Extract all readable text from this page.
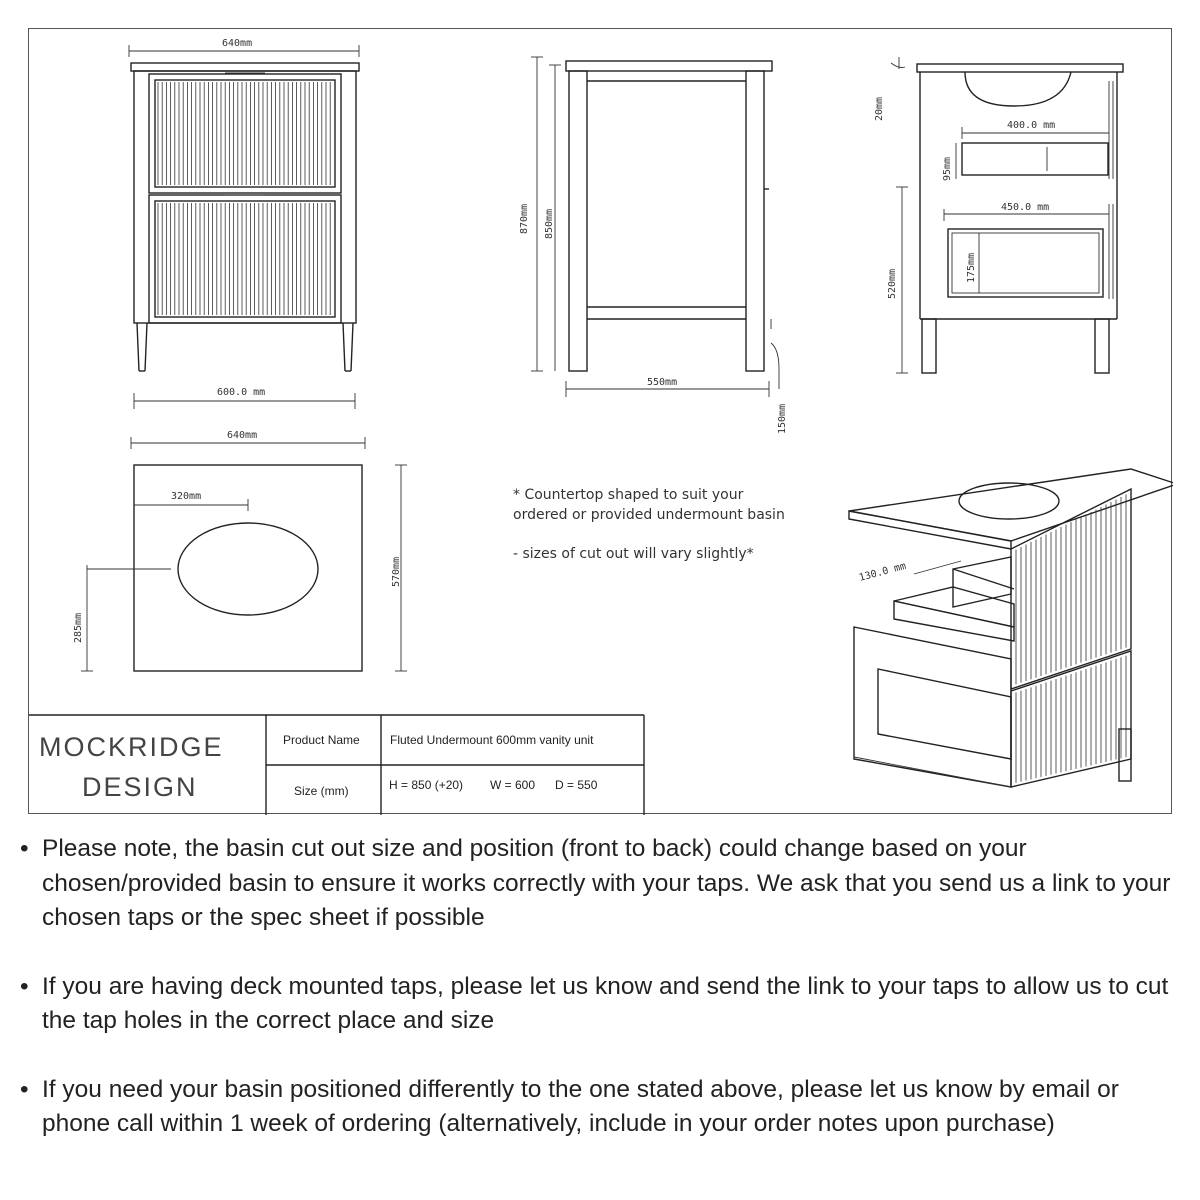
640mm
600.0 mm
870mm 850mm
550mm
150mm
20mm
400.0 mm
95mm
450.0 mm
175mm
520mm
640mm
320mm
570mm
285mm
* Countertop shaped to suit your
ordered or provided undermount basin
- sizes of cut out will vary slightly*
130.0 mm
MOCKRIDGE
DESIGN
Product Name	Fluted Undermount 600mm vanity unit
Size (mm)	H = 850 (+20) W = 600 D = 550
• Please note, the basin cut out size and position (front to back) could change based on your chosen/provided basin to ensure it works correctly with your taps. We ask that you send us a link to your chosen taps or the spec sheet if possible
• If you are having deck mounted taps, please let us know and send the link to your taps to allow us to cut the tap holes in the correct place and size
• If you need your basin positioned differently to the one stated above, please let us know by email or phone call within 1 week of ordering (alternatively, include in your order notes upon purchase)
